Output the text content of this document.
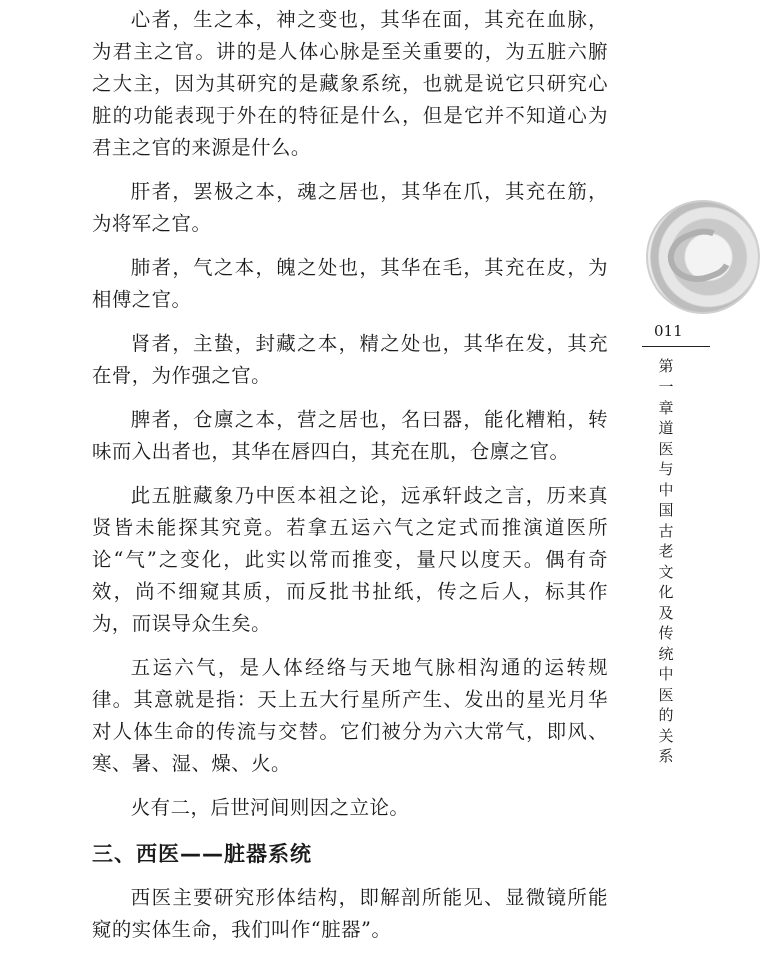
心者，生之本，神之变也，其华在面，其充在血脉，为君主之官。讲的是人体心脉是至关重要的，为五脏六腑之大主，因为其研究的是藏象系统，也就是说它只研究心脏的功能表现于外在的特征是什么，但是它并不知道心为君主之官的来源是什么。

肝者，罢极之本，魂之居也，其华在爪，其充在筋，为将军之官。

肺者，气之本，魄之处也，其华在毛，其充在皮，为相傅之官。

肾者，主蛰，封藏之本，精之处也，其华在发，其充在骨，为作强之官。

脾者，仓廪之本，营之居也，名曰器，能化糟粕，转味而入出者也，其华在唇四白，其充在肌，仓廪之官。

此五脏藏象乃中医本祖之论，远承轩歧之言，历来真贤皆未能探其究竟。若拿五运六气之定式而推演道医所论“气”之变化，此实以常而推变，量尺以度天。偶有奇效，尚不细窥其质，而反批书扯纸，传之后人，标其作为，而误导众生矣。

五运六气，是人体经络与天地气脉相沟通的运转规律。其意就是指：天上五大行星所产生、发出的星光月华对人体生命的传流与交替。它们被分为六大常气，即风、寒、暑、湿、燥、火。

火有二，后世河间则因之立论。

三、西医——脏器系统

西医主要研究形体结构，即解剖所能见、显微镜所能窥的实体生命，我们叫作“脏器”。

011
第
一
章
道
医
与
中
国
古
老
文
化
及
传
统
中
医
的
关
系
